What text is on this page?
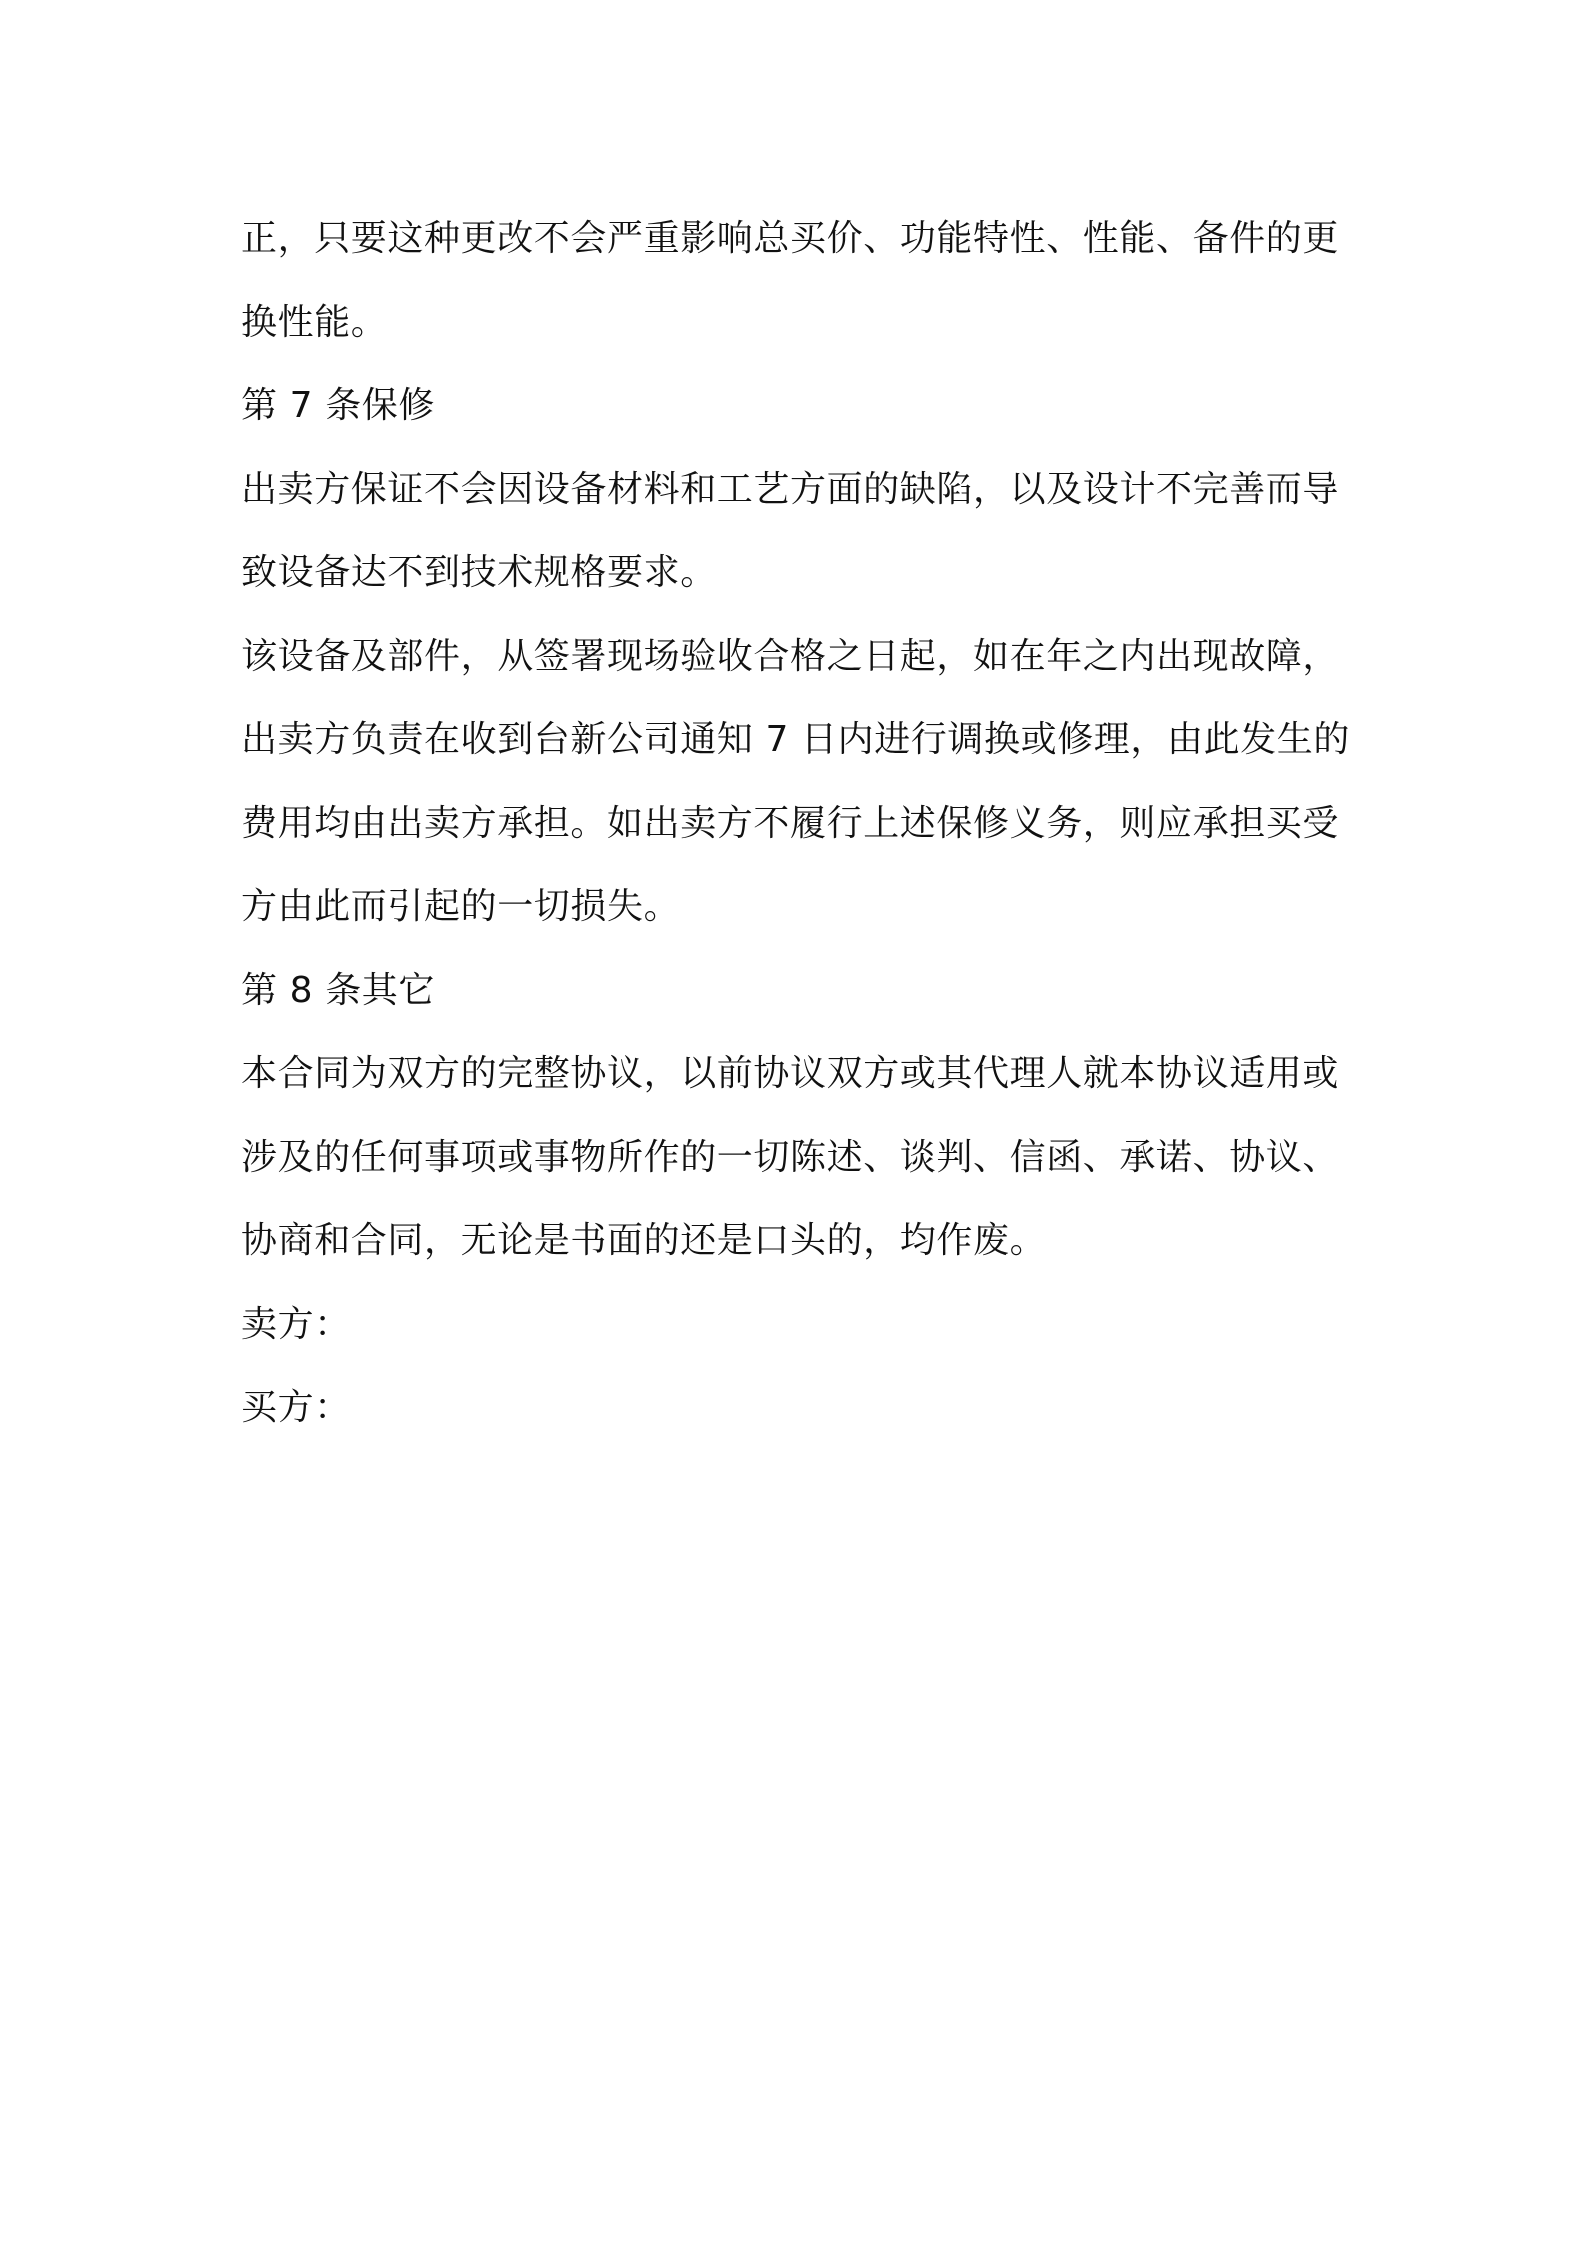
正，只要这种更改不会严重影响总买价、功能特性、性能、备件的更
换性能。
第 7 条保修
出卖方保证不会因设备材料和工艺方面的缺陷，以及设计不完善而导
致设备达不到技术规格要求。
该设备及部件，从签署现场验收合格之日起，如在年之内出现故障，
出卖方负责在收到台新公司通知 7 日内进行调换或修理，由此发生的
费用均由出卖方承担。如出卖方不履行上述保修义务，则应承担买受
方由此而引起的一切损失。
第 8 条其它
本合同为双方的完整协议，以前协议双方或其代理人就本协议适用或
涉及的任何事项或事物所作的一切陈述、谈判、信函、承诺、协议、
协商和合同，无论是书面的还是口头的，均作废。
卖方：
买方：
